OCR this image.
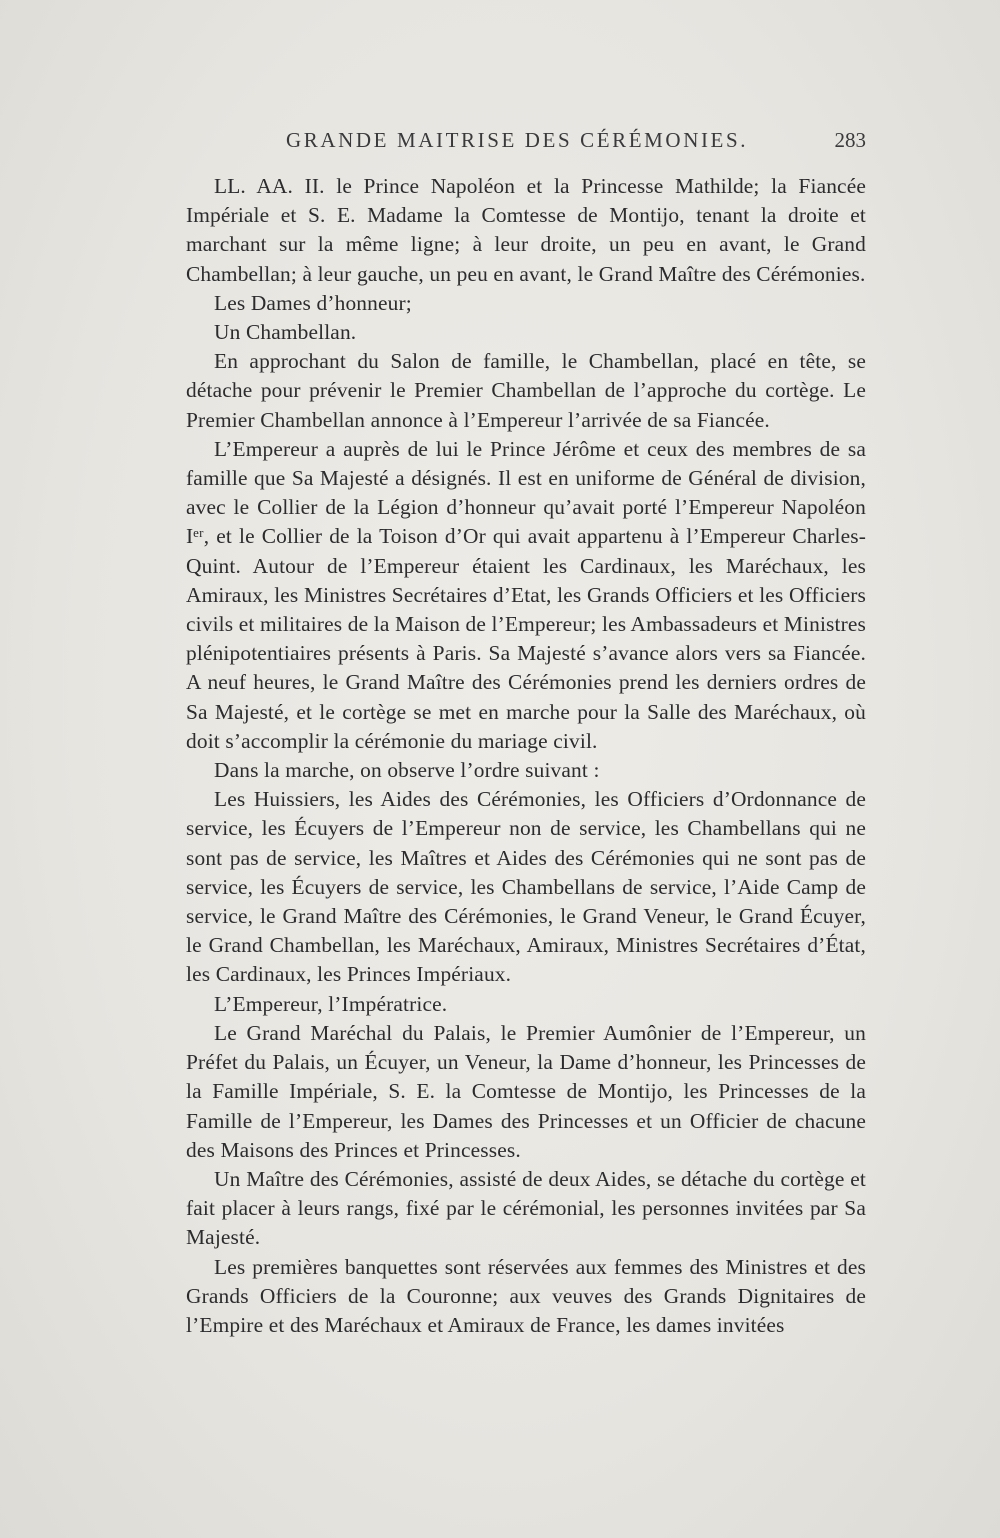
GRANDE MAITRISE DES CÉRÉMONIES.	283

LL. AA. II. le Prince Napoléon et la Princesse Mathilde; la Fiancée Impériale et S. E. Madame la Comtesse de Montijo, tenant la droite et marchant sur la même ligne; à leur droite, un peu en avant, le Grand Chambellan; à leur gauche, un peu en avant, le Grand Maître des Cérémonies.

Les Dames d’honneur;

Un Chambellan.

En approchant du Salon de famille, le Chambellan, placé en tête, se détache pour prévenir le Premier Chambellan de l’approche du cortège. Le Premier Chambellan annonce à l’Empereur l’arrivée de sa Fiancée.

L’Empereur a auprès de lui le Prince Jérôme et ceux des membres de sa famille que Sa Majesté a désignés. Il est en uniforme de Général de division, avec le Collier de la Légion d’honneur qu’avait porté l’Empereur Napoléon Iᵉʳ, et le Collier de la Toison d’Or qui avait appartenu à l’Empereur Charles-Quint. Autour de l’Empereur étaient les Cardinaux, les Maréchaux, les Amiraux, les Ministres Secrétaires d’Etat, les Grands Officiers et les Officiers civils et militaires de la Maison de l’Empereur; les Ambassadeurs et Ministres plénipotentiaires présents à Paris. Sa Majesté s’avance alors vers sa Fiancée. A neuf heures, le Grand Maître des Cérémonies prend les derniers ordres de Sa Majesté, et le cortège se met en marche pour la Salle des Maréchaux, où doit s’accomplir la cérémonie du mariage civil.

Dans la marche, on observe l’ordre suivant :

Les Huissiers, les Aides des Cérémonies, les Officiers d’Ordonnance de service, les Écuyers de l’Empereur non de service, les Chambellans qui ne sont pas de service, les Maîtres et Aides des Cérémonies qui ne sont pas de service, les Écuyers de service, les Chambellans de service, l’Aide Camp de service, le Grand Maître des Cérémonies, le Grand Veneur, le Grand Écuyer, le Grand Chambellan, les Maréchaux, Amiraux, Ministres Secrétaires d’État, les Cardinaux, les Princes Impériaux.

L’Empereur, l’Impératrice.

Le Grand Maréchal du Palais, le Premier Aumônier de l’Empereur, un Préfet du Palais, un Écuyer, un Veneur, la Dame d’honneur, les Princesses de la Famille Impériale, S. E. la Comtesse de Montijo, les Princesses de la Famille de l’Empereur, les Dames des Princesses et un Officier de chacune des Maisons des Princes et Princesses.

Un Maître des Cérémonies, assisté de deux Aides, se détache du cortège et fait placer à leurs rangs, fixé par le cérémonial, les personnes invitées par Sa Majesté.

Les premières banquettes sont réservées aux femmes des Ministres et des Grands Officiers de la Couronne; aux veuves des Grands Dignitaires de l’Empire et des Maréchaux et Amiraux de France, les dames invitées
